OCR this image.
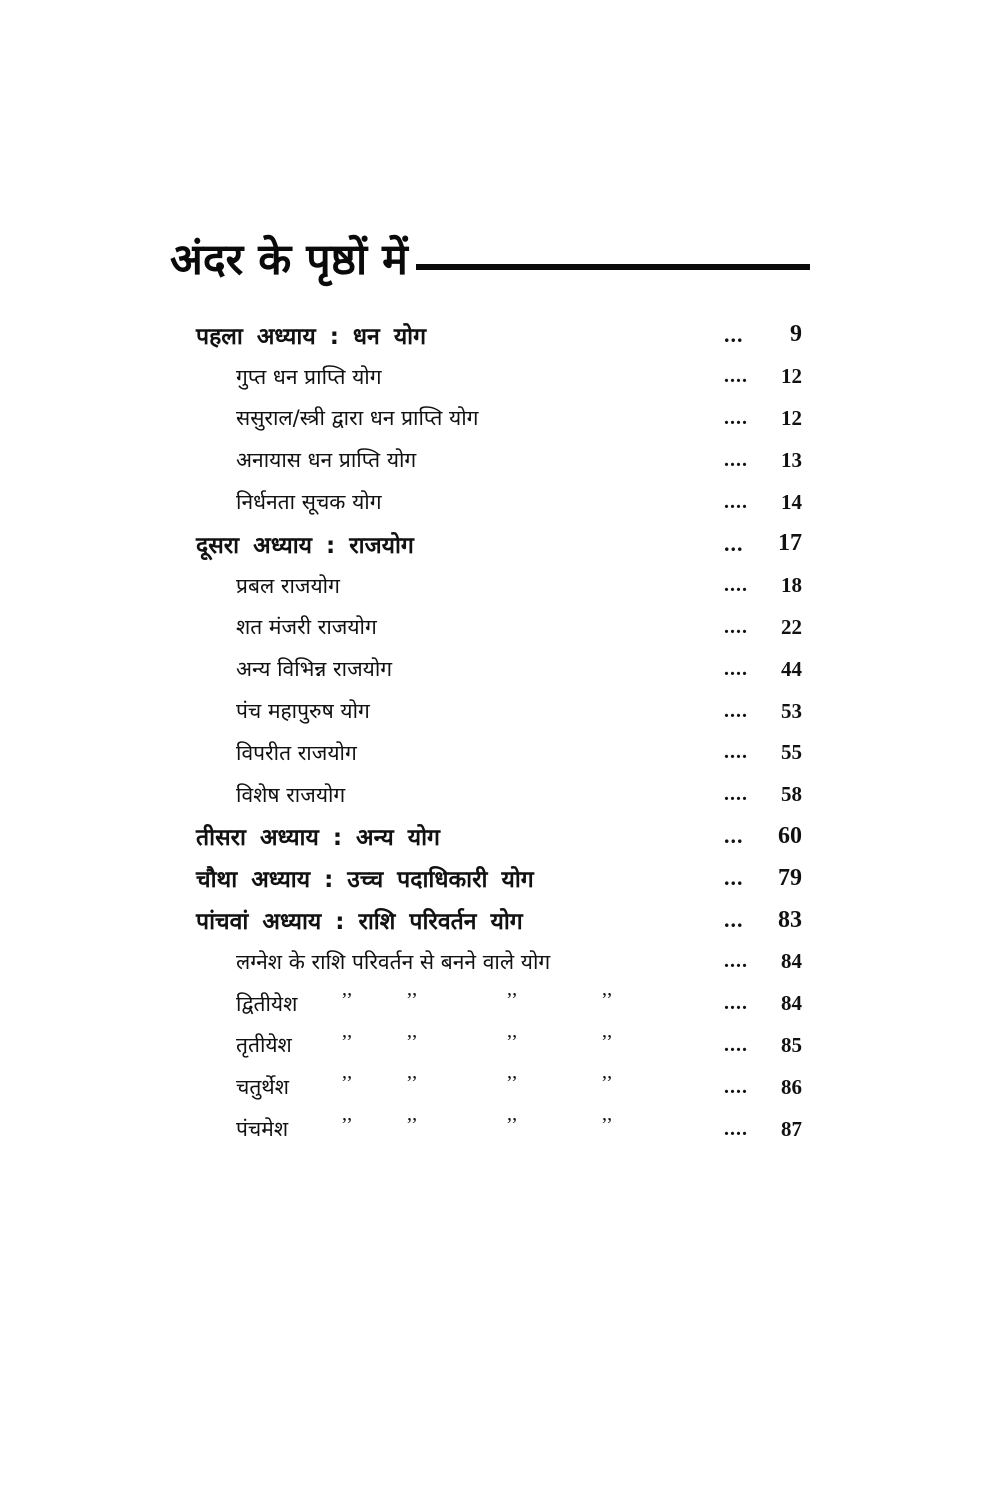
अंदर के पृष्ठों में
पहला अध्याय : धन योग	...	9
गुप्त धन प्राप्ति योग	....	12
ससुराल/स्त्री द्वारा धन प्राप्ति योग	....	12
अनायास धन प्राप्ति योग	....	13
निर्धनता सूचक योग	....	14
दूसरा अध्याय : राजयोग	...	17
प्रबल राजयोग	....	18
शत मंजरी राजयोग	....	22
अन्य विभिन्न राजयोग	....	44
पंच महापुरुष योग	....	53
विपरीत राजयोग	....	55
विशेष राजयोग	....	58
तीसरा अध्याय : अन्य योग	...	60
चौथा अध्याय : उच्च पदाधिकारी योग	...	79
पांचवां अध्याय : राशि परिवर्तन योग	...	83
लग्नेश के राशि परिवर्तन से बनने वाले योग	....	84
द्वितीयेश ’’	’’	’’	’’	....	84
तृतीयेश ’’	’’	’’	’’	....	85
चतुर्थेश	’’	’’	’’	’’	....	86
पंचमेश	’’	’’	’’	’’	....	87
